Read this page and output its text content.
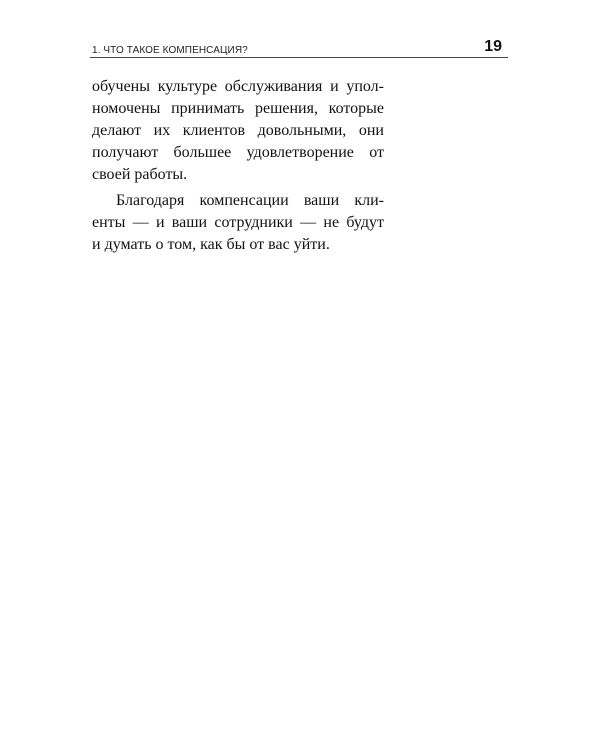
1. ЧТО ТАКОЕ КОМПЕНСАЦИЯ?	19

обучены культуре обслуживания и упол-
номочены принимать решения, которые
делают их клиентов довольными, они
получают большее удовлетворение от
своей работы.

Благодаря компенсации ваши кли-
енты — и ваши сотрудники — не будут
и думать о том, как бы от вас уйти.
